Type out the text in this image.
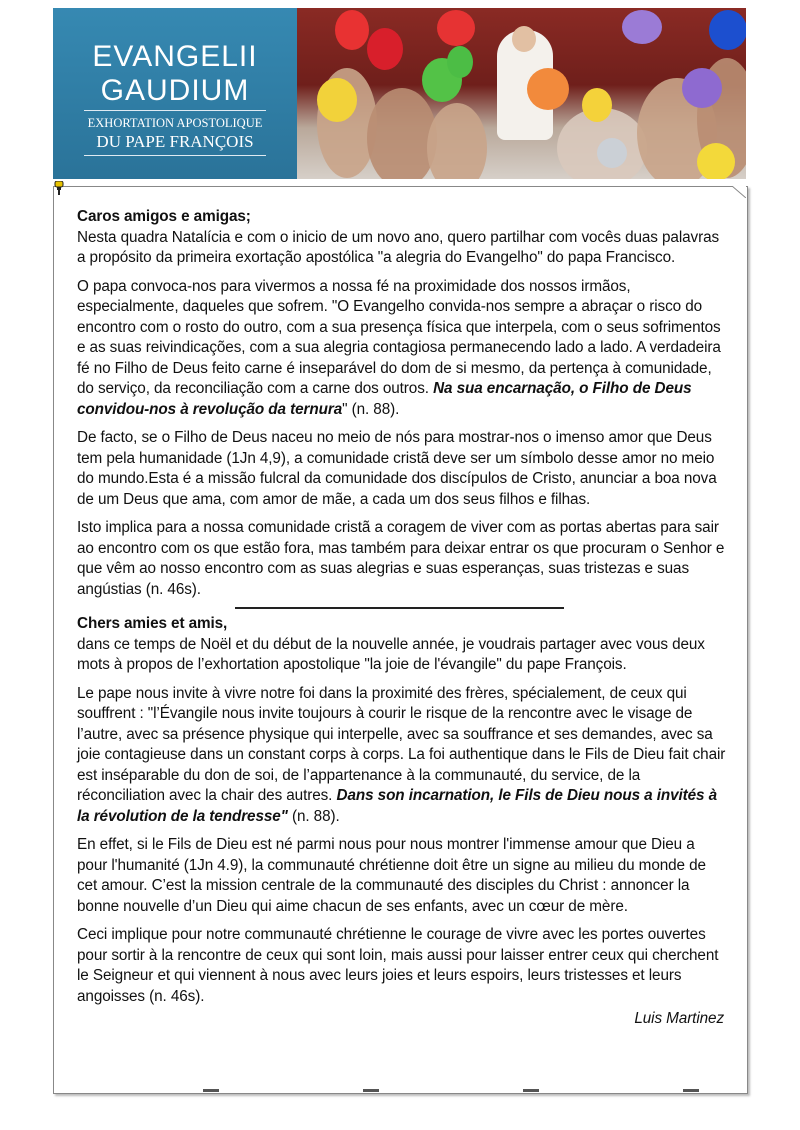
EVANGELII
GAUDIUM
EXHORTATION APOSTOLIQUE
DU PAPE FRANÇOIS
Caros amigos e amigas;

Nesta quadra Natalícia e com o inicio de um novo ano, quero partilhar com vocês duas palavras a propósito da primeira exortação apostólica "a alegria do Evangelho" do papa Francisco.

O papa convoca-nos para vivermos a nossa fé na proximidade dos nossos irmãos, especialmente, daqueles que sofrem. "O Evangelho convida-nos sempre a abraçar o risco do encontro com o rosto do outro, com a sua presença física que interpela, com o seus sofrimentos e as suas reivindicações, com a sua alegria contagiosa permanecendo lado a lado. A verdadeira fé no Filho de Deus feito carne é inseparável do dom de si mesmo, da pertença à comunidade, do serviço, da reconciliação com a carne dos outros. Na sua encarnação, o Filho de Deus convidou-nos à revolução da ternura" (n. 88).

De facto, se o Filho de Deus naceu no meio de nós para mostrar-nos o imenso amor que Deus tem pela humanidade (1Jn 4,9), a comunidade cristã deve ser um símbolo desse amor no meio do mundo.Esta é a missão fulcral da comunidade dos discípulos de Cristo, anunciar a boa nova de um Deus que ama, com amor de mãe, a cada um dos seus filhos e filhas.

Isto implica para a nossa comunidade cristã a coragem de viver com as portas abertas para sair ao encontro com os que estão fora, mas também para deixar entrar os que procuram o Senhor e que vêm ao nosso encontro com as suas alegrias e suas esperanças, suas tristezas e suas angústias (n. 46s).

Chers amies et amis,

dans ce temps de Noël et du début de la nouvelle année, je voudrais partager avec vous deux mots à propos de l’exhortation apostolique "la joie de l'évangile" du pape François.

Le pape nous invite à vivre notre foi dans la proximité des frères, spécialement, de ceux qui souffrent : "l’Évangile nous invite toujours à courir le risque de la rencontre avec le visage de l’autre, avec sa présence physique qui interpelle, avec sa souffrance et ses demandes, avec sa joie contagieuse dans un constant corps à corps. La foi authentique dans le Fils de Dieu fait chair est inséparable du don de soi, de l’appartenance à la communauté, du service, de la réconciliation avec la chair des autres. Dans son incarnation, le Fils de Dieu nous a invités à la révolution de la tendresse" (n. 88).

En effet, si le Fils de Dieu est né parmi nous pour nous montrer l'immense amour que Dieu a pour l'humanité (1Jn 4.9), la communauté chrétienne doit être un signe au milieu du monde de cet amour. C’est la mission centrale de la communauté des disciples du Christ : annoncer la bonne nouvelle d’un Dieu qui aime chacun de ses enfants, avec un cœur de mère.

Ceci implique pour notre communauté chrétienne le courage de vivre avec les portes ouvertes pour sortir à la rencontre de ceux qui sont loin, mais aussi pour laisser entrer ceux qui cherchent le Seigneur et qui viennent à nous avec leurs joies et leurs espoirs, leurs tristesses et leurs angoisses (n. 46s).

Luis Martinez
